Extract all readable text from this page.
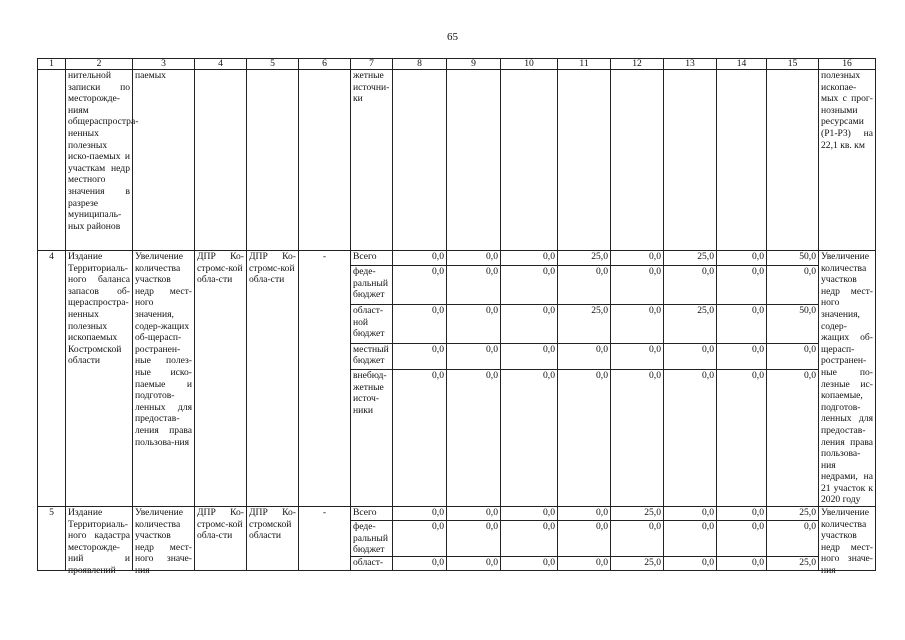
65
1	2	3	4	5	6	7	8	9	10	11	12	13	14	15	16
	нительной записки по месторожде-ниям общераспростра-ненных полезных иско-паемых и участкам недр местного значения в разрезе муниципаль-ных районов	паемых				жетные источни-ки									полезных ископае-мых с прог-нозными ресурсами (Р1-Р3) на 22,1 кв. км
4	Издание Территориаль-ного баланса запасов об-щераспростра-ненных полезных ископаемых Костромской области	Увеличение количества участков недр мест-ного значения, содер-жащих об-щерасп-ространен-ные полез-ные иско-паемые и подготов-ленных для предостав-ления права пользова-ния	ДПР Ко-стромс-кой обла-сти	ДПР Ко-стромс-кой обла-сти	-	Всего	0,0	0,0	0,0	25,0	0,0	25,0	0,0	50,0	Увеличение количества участков недр мест-ного значения, содер-жащих об-щерасп-ространен-ные по-лезные ис-копаемые, подготов-ленных для предостав-ления права пользова-ния недрами, на 21 участок к 2020 году
						феде-ральный бюджет	0,0	0,0	0,0	0,0	0,0	0,0	0,0	0,0	
						област-ной бюджет	0,0	0,0	0,0	25,0	0,0	25,0	0,0	50,0	
						местный бюджет	0,0	0,0	0,0	0,0	0,0	0,0	0,0	0,0	
						внебюд-жетные источ-ники	0,0	0,0	0,0	0,0	0,0	0,0	0,0	0,0	
5	Издание Территориаль-ного кадастра месторожде-ний и проявлений	Увеличение количества участков недр мест-ного значе-ния	ДПР Ко-стромс-кой обла-сти	ДПР Ко-стромской области	-	Всего	0,0	0,0	0,0	0,0	25,0	0,0	0,0	25,0	Увеличение количества участков недр мест-ного значе-ния

						феде-ральный бюджет	0,0	0,0	0,0	0,0	0,0	0,0	0,0	0,0	
						област-	0,0	0,0	0,0	0,0	25,0	0,0	0,0	25,0	
